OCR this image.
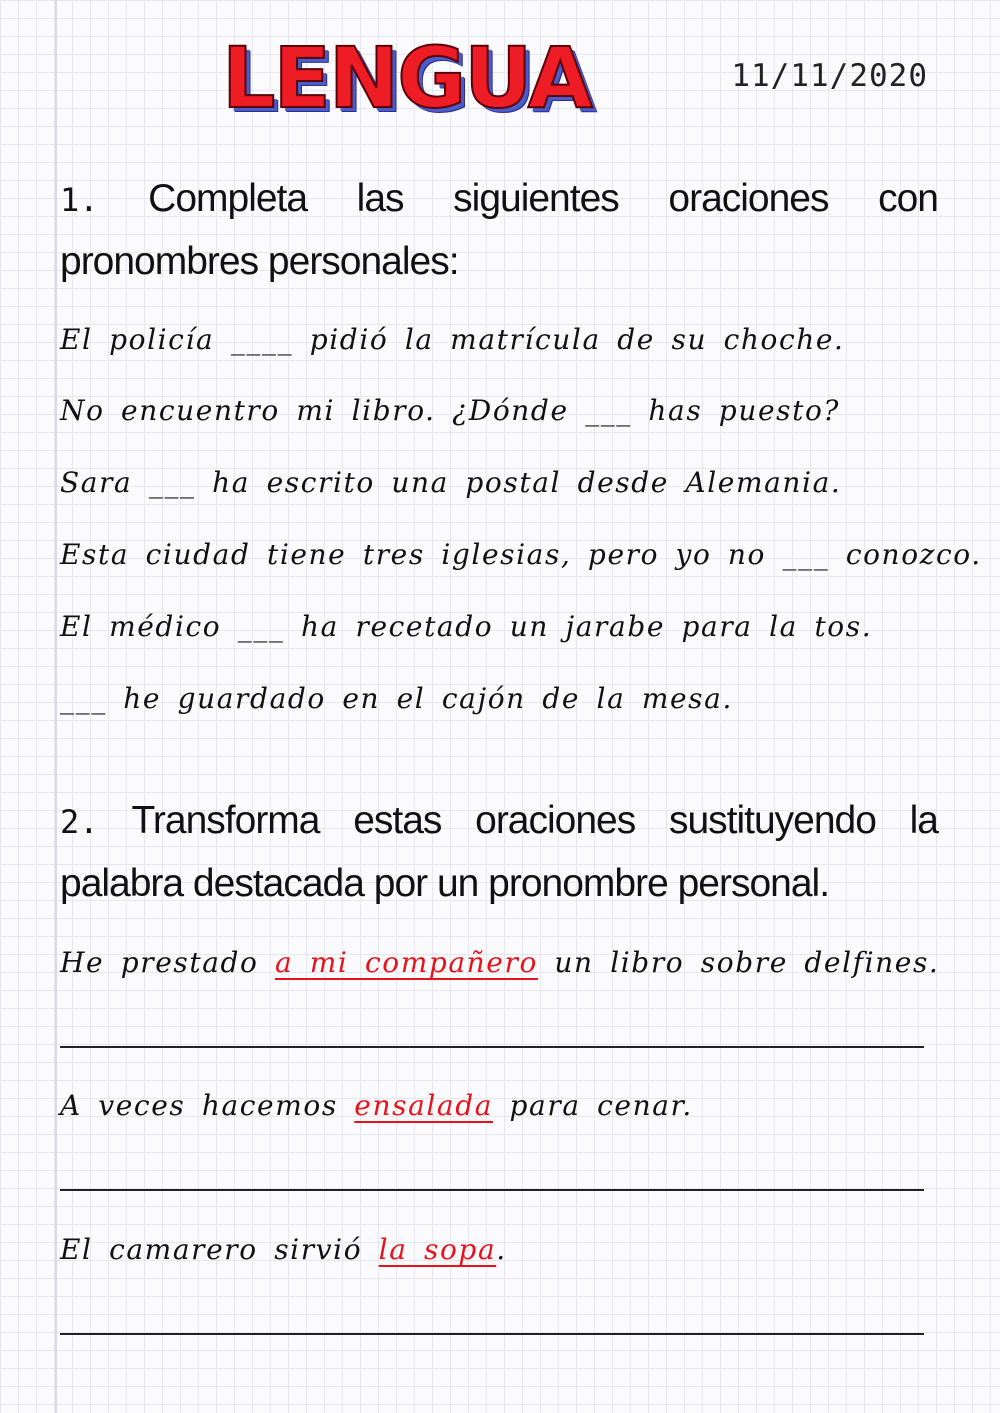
LENGUA	11/11/2020
1. Completa las siguientes oraciones con pronombres personales:
El policía ____ pidió la matrícula de su choche.
No encuentro mi libro. ¿Dónde ___ has puesto?
Sara ___ ha escrito una postal desde Alemania.
Esta ciudad tiene tres iglesias, pero yo no ___ conozco.
El médico ___ ha recetado un jarabe para la tos.
___ he guardado en el cajón de la mesa.
2. Transforma estas oraciones sustituyendo la palabra destacada por un pronombre personal.
He prestado a mi compañero un libro sobre delfines.
A veces hacemos ensalada para cenar.
El camarero sirvió la sopa.
